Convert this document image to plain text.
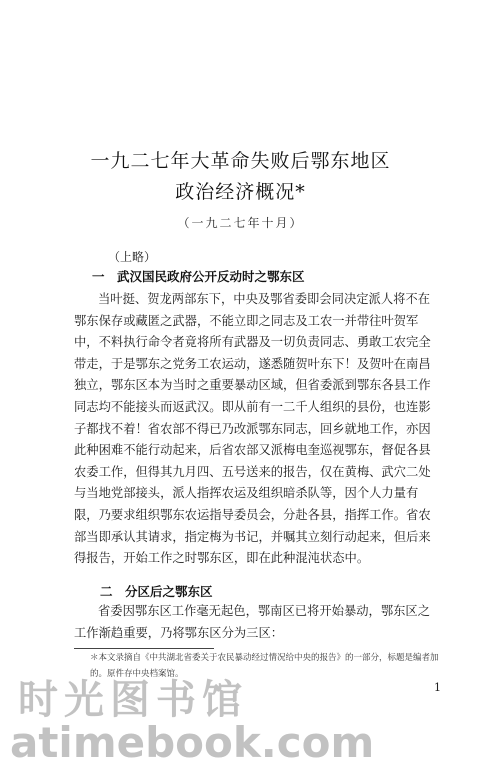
一九二七年大革命失败后鄂东地区
政治经济概况*
（一九二七年十月）
（上略）
一　武汉国民政府公开反动时之鄂东区
当叶挺、贺龙两部东下，中央及鄂省委即会同决定派人将不在鄂东保存或藏匿之武器，不能立即之同志及工农一并带往叶贺军中，不料执行命令者竟将所有武器及一切负责同志、勇敢工农完全带走，于是鄂东之党务工农运动，遂悉随贺叶东下！及贺叶在南昌独立，鄂东区本为当时之重要暴动区域，但省委派到鄂东各县工作同志均不能接头而返武汉。即从前有一二千人组织的县份，也连影子都找不着！省农部不得已乃改派鄂东同志，回乡就地工作，亦因此种困难不能行动起来，后省农部又派梅电奎巡视鄂东，督促各县农委工作，但得其九月四、五号送来的报告，仅在黄梅、武穴二处与当地党部接头，派人指挥农运及组织暗杀队等，因个人力量有限，乃要求组织鄂东农运指导委员会，分赴各县，指挥工作。省农部当即承认其请求，指定梅为书记，并嘱其立刻行动起来，但后来得报告，开始工作之时鄂东区，即在此种混沌状态中。
二　分区后之鄂东区
省委因鄂东区工作毫无起色，鄂南区已将开始暴动，鄂东区之工作渐趋重要，乃将鄂东区分为三区：
＊本文录摘自《中共湖北省委关于农民暴动经过情况给中央的报告》的一部分，标题是编者加的。原件存中央档案馆。
1
时光图书馆
atimebook.com
